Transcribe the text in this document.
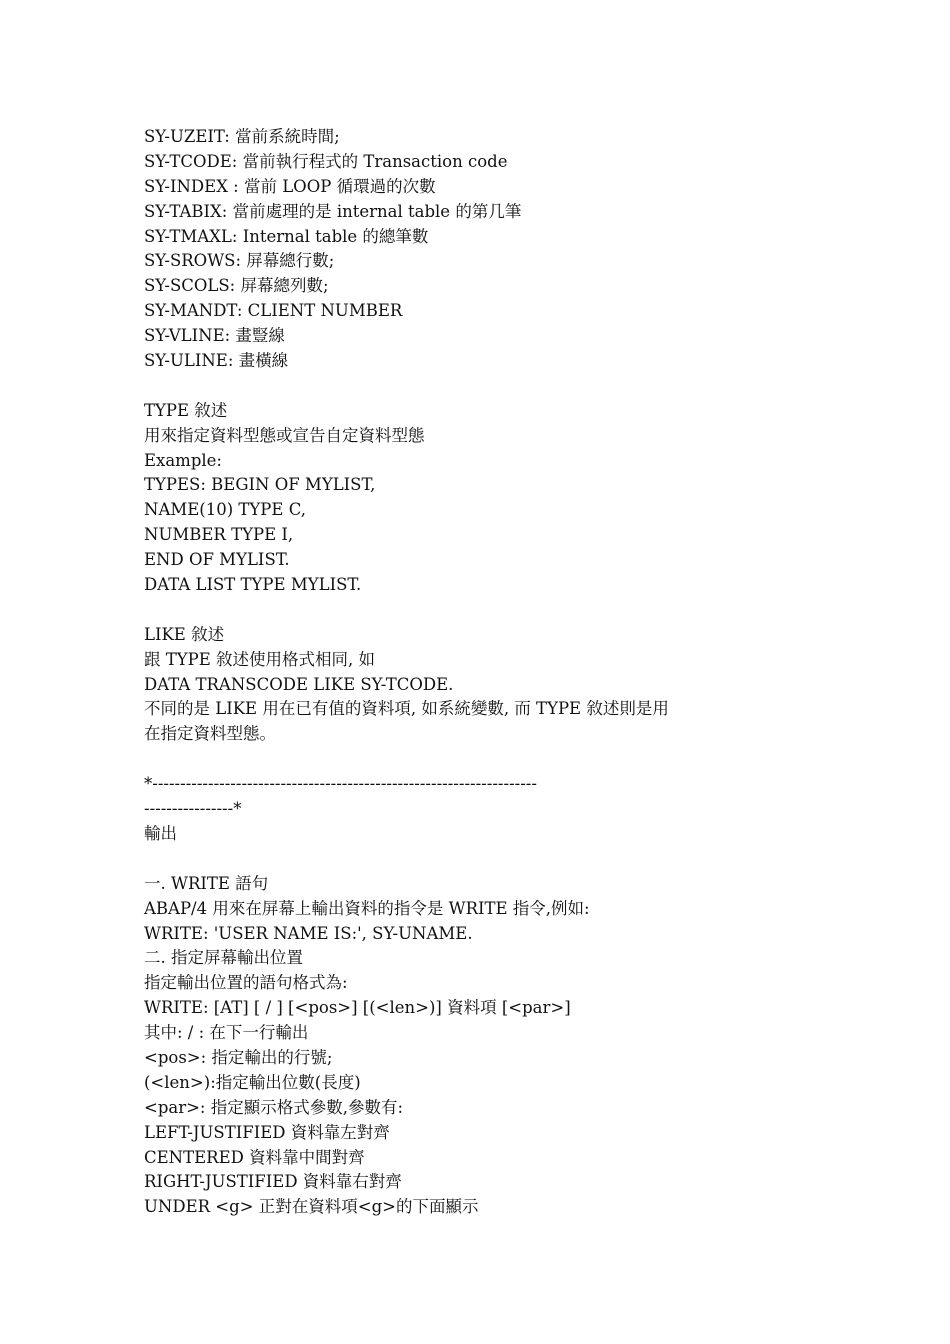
SY-UZEIT: 當前系統時間;
SY-TCODE: 當前執行程式的 Transaction code
SY-INDEX : 當前 LOOP 循環過的次數
SY-TABIX: 當前處理的是 internal table 的第几筆
SY-TMAXL: Internal table 的總筆數
SY-SROWS: 屏幕總行數;
SY-SCOLS: 屏幕總列數;
SY-MANDT: CLIENT NUMBER
SY-VLINE: 畫豎線
SY-ULINE: 畫橫線
TYPE 敘述
用來指定資料型態或宣告自定資料型態
Example:
TYPES: BEGIN OF MYLIST,
NAME(10) TYPE C,
NUMBER TYPE I,
END OF MYLIST.
DATA LIST TYPE MYLIST.
LIKE 敘述
跟 TYPE 敘述使用格式相同, 如
DATA TRANSCODE LIKE SY-TCODE.
不同的是 LIKE 用在已有值的資料項, 如系統變數, 而 TYPE 敘述則是用
在指定資料型態。
*---------------------------------------------------------------------
----------------*
輸出
一. WRITE 語句
ABAP/4 用來在屏幕上輸出資料的指令是 WRITE 指令,例如:
WRITE: 'USER NAME IS:', SY-UNAME.
二. 指定屏幕輸出位置
指定輸出位置的語句格式為:
WRITE: [AT] [ / ] [<pos>] [(<len>)] 資料項 [<par>]
其中: / : 在下一行輸出
<pos>: 指定輸出的行號;
(<len>):指定輸出位數(長度)
<par>: 指定顯示格式參數,參數有:
LEFT-JUSTIFIED 資料靠左對齊
CENTERED 資料靠中間對齊
RIGHT-JUSTIFIED 資料靠右對齊
UNDER <g> 正對在資料項<g>的下面顯示
